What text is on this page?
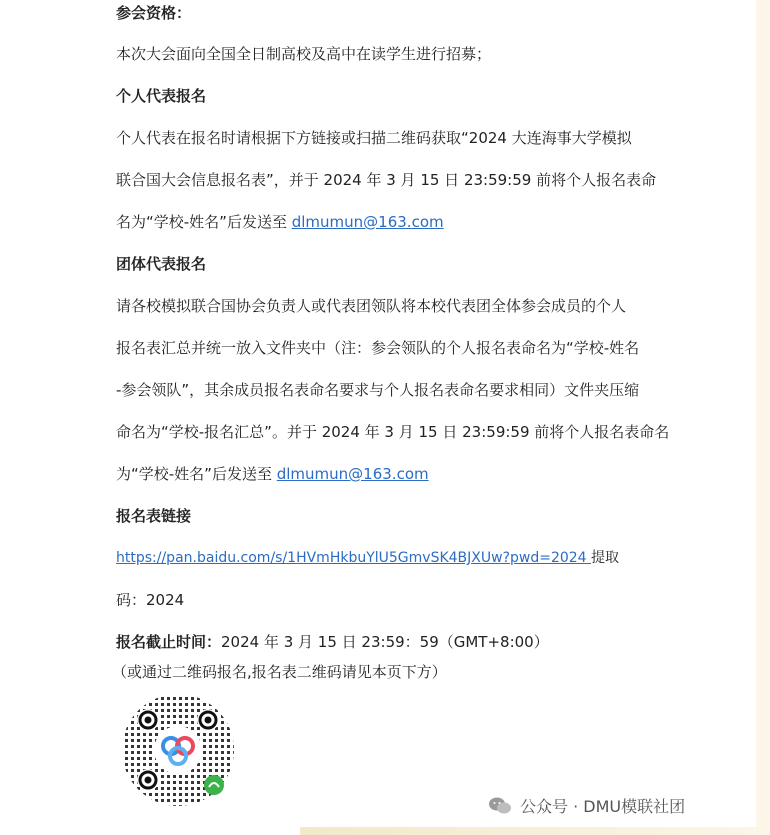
参会资格：
本次大会面向全国全日制高校及高中在读学生进行招募；
个人代表报名
个人代表在报名时请根据下方链接或扫描二维码获取“2024 大连海事大学模拟
联合国大会信息报名表”，并于 2024 年 3 月 15 日 23:59:59 前将个人报名表命
名为“学校-姓名”后发送至 dlmumun@163.com
团体代表报名
请各校模拟联合国协会负责人或代表团领队将本校代表团全体参会成员的个人
报名表汇总并统一放入文件夹中（注：参会领队的个人报名表命名为“学校-姓名
-参会领队”，其余成员报名表命名要求与个人报名表命名要求相同）文件夹压缩
命名为“学校-报名汇总”。并于 2024 年 3 月 15 日 23:59:59 前将个人报名表命名
为“学校-姓名”后发送至 dlmumun@163.com
报名表链接
https://pan.baidu.com/s/1HVmHkbuYlU5GmvSK4BJXUw?pwd=2024 提取
码：2024
报名截止时间：2024 年 3 月 15 日 23:59：59（GMT+8:00）
（或通过二维码报名,报名表二维码请见本页下方）
公众号 · DMU模联社团
